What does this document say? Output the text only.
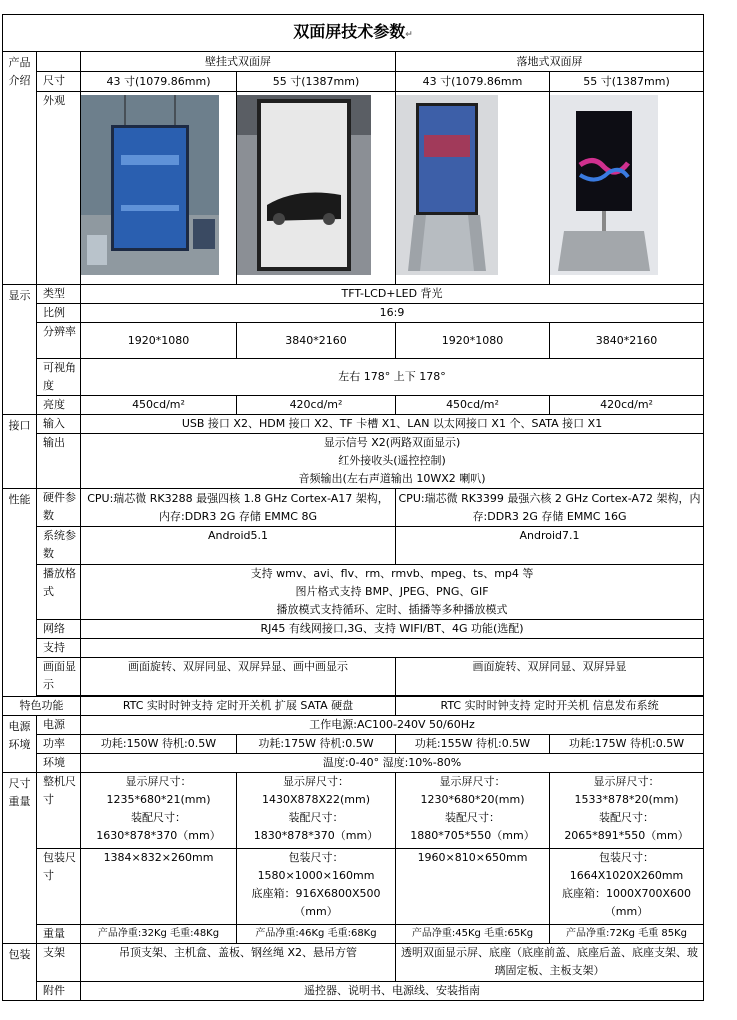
双面屏技术参数↵					
产品介绍		壁挂式双面屏		落地式双面屏	
	尺寸	43 寸(1079.86mm)	55 寸(1387mm)	43 寸(1079.86mm	55 寸(1387mm)
	外观				
显示	类型	TFT-LCD+LED 背光			
	比例	16:9			
	分辨率	1920*1080	3840*2160	1920*1080	3840*2160
	可视角度	左右 178° 上下 178°			
	亮度	450cd/m²	420cd/m²	450cd/m²	420cd/m²
接口	输入	USB 接口 X2、HDM 接口 X2、TF 卡槽 X1、LAN 以太网接口 X1 个、SATA 接口 X1			
	输出	显示信号 X2(两路双面显示)
红外接收头(遥控控制)
音频输出(左右声道输出 10WX2 喇叭)			

性能	硬件参数	CPU:瑞芯微 RK3288 最强四核 1.8 GHz Cortex-A17 架构，内存:DDR3 2G 存储 EMMC 8G		CPU:瑞芯微 RK3399 最强六核 2 GHz Cortex-A72 架构，内存:DDR3 2G 存储 EMMC 16G	
	系统参数	Android5.1		Android7.1	
	播放格式	支持 wmv、avi、flv、rm、rmvb、mpeg、ts、mp4 等
图片格式支持 BMP、JPEG、PNG、GIF
播放模式支持循环、定时、插播等多种播放模式			

	网络	RJ45 有线网接口,3G、支持 WIFI/BT、4G 功能(选配)			
	支持				
	画面显示	画面旋转、双屏同显、双屏异显、画中画显示		画面旋转、双屏同显、双屏异显	

特色功能		RTC 实时时钟支持 定时开关机 扩展 SATA 硬盘		RTC 实时时钟支持 定时开关机 信息发布系统	
电源环境	电源	工作电源:AC100-240V 50/60Hz			
	功率	功耗:150W 待机:0.5W	功耗:175W 待机:0.5W	功耗:155W 待机:0.5W	功耗:175W 待机:0.5W
	环境	温度:0-40° 湿度:10%-80%			
尺寸重量	整机尺寸	显示屏尺寸：
1235*680*21(mm)
装配尺寸：
1630*878*370（mm）	显示屏尺寸：
1430X878X22(mm)
装配尺寸：
1830*878*370（mm）	显示屏尺寸：
1230*680*20(mm)
装配尺寸：
1880*705*550（mm）	显示屏尺寸：
1533*878*20(mm)
装配尺寸：
2065*891*550（mm）
	包装尺寸	1384×832×260mm	包装尺寸：
1580×1000×160mm
底座箱：916X6800X500
（mm）	1960×810×650mm	包装尺寸：
1664X1020X260mm
底座箱：1000X700X600
（mm）
	重量	产品净重:32Kg 毛重:48Kg	产品净重:46Kg 毛重:68Kg	产品净重:45Kg 毛重:65Kg	产品净重:72Kg 毛重 85Kg
包装	支架	吊顶支架、主机盒、盖板、钢丝绳 X2、悬吊方管		透明双面显示屏、底座（底座前盖、底座后盖、底座支架、玻璃固定板、主板支架）	
	附件	遥控器、说明书、电源线、安装指南			
